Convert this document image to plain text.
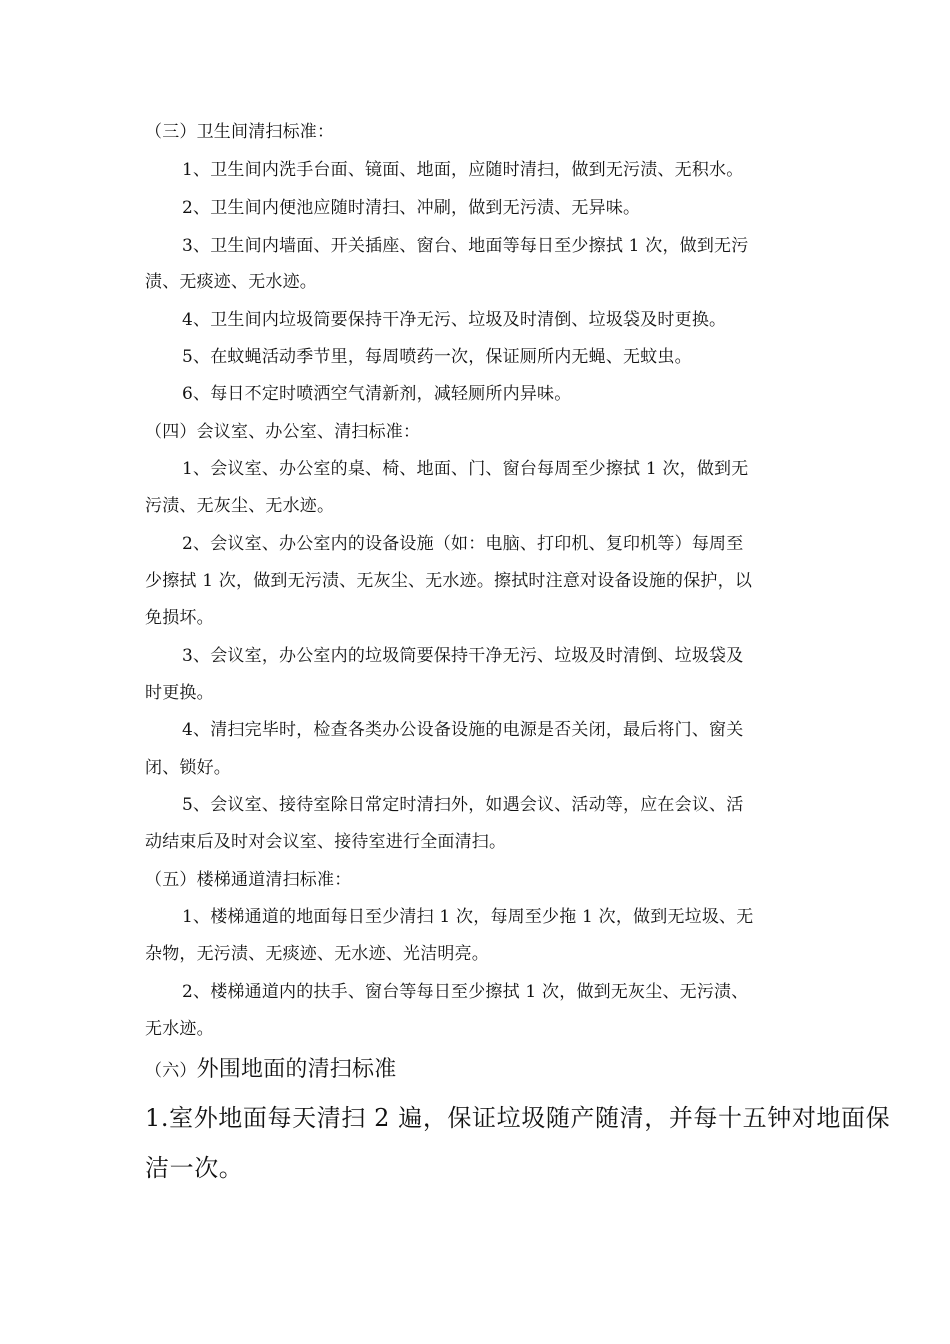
（三）卫生间清扫标准：
1、卫生间内洗手台面、镜面、地面，应随时清扫，做到无污渍、无积水。
2、卫生间内便池应随时清扫、冲刷，做到无污渍、无异味。
3、卫生间内墙面、开关插座、窗台、地面等每日至少擦拭 1 次，做到无污
渍、无痰迹、无水迹。
4、卫生间内垃圾筒要保持干净无污、垃圾及时清倒、垃圾袋及时更换。
5、在蚊蝇活动季节里，每周喷药一次，保证厕所内无蝇、无蚊虫。
6、每日不定时喷洒空气清新剂，减轻厕所内异味。
（四）会议室、办公室、清扫标准：
1、会议室、办公室的桌、椅、地面、门、窗台每周至少擦拭 1 次，做到无
污渍、无灰尘、无水迹。
2、会议室、办公室内的设备设施（如：电脑、打印机、复印机等）每周至
少擦拭 1 次，做到无污渍、无灰尘、无水迹。擦拭时注意对设备设施的保护，以
免损坏。
3、会议室，办公室内的垃圾筒要保持干净无污、垃圾及时清倒、垃圾袋及
时更换。
4、清扫完毕时，检查各类办公设备设施的电源是否关闭，最后将门、窗关
闭、锁好。
5、会议室、接待室除日常定时清扫外，如遇会议、活动等，应在会议、活
动结束后及时对会议室、接待室进行全面清扫。
（五）楼梯通道清扫标准：
1、楼梯通道的地面每日至少清扫 1 次，每周至少拖 1 次，做到无垃圾、无
杂物，无污渍、无痰迹、无水迹、光洁明亮。
2、楼梯通道内的扶手、窗台等每日至少擦拭 1 次，做到无灰尘、无污渍、
无水迹。
（六）外围地面的清扫标准
1.室外地面每天清扫 2 遍，保证垃圾随产随清，并每十五钟对地面保
洁一次。
